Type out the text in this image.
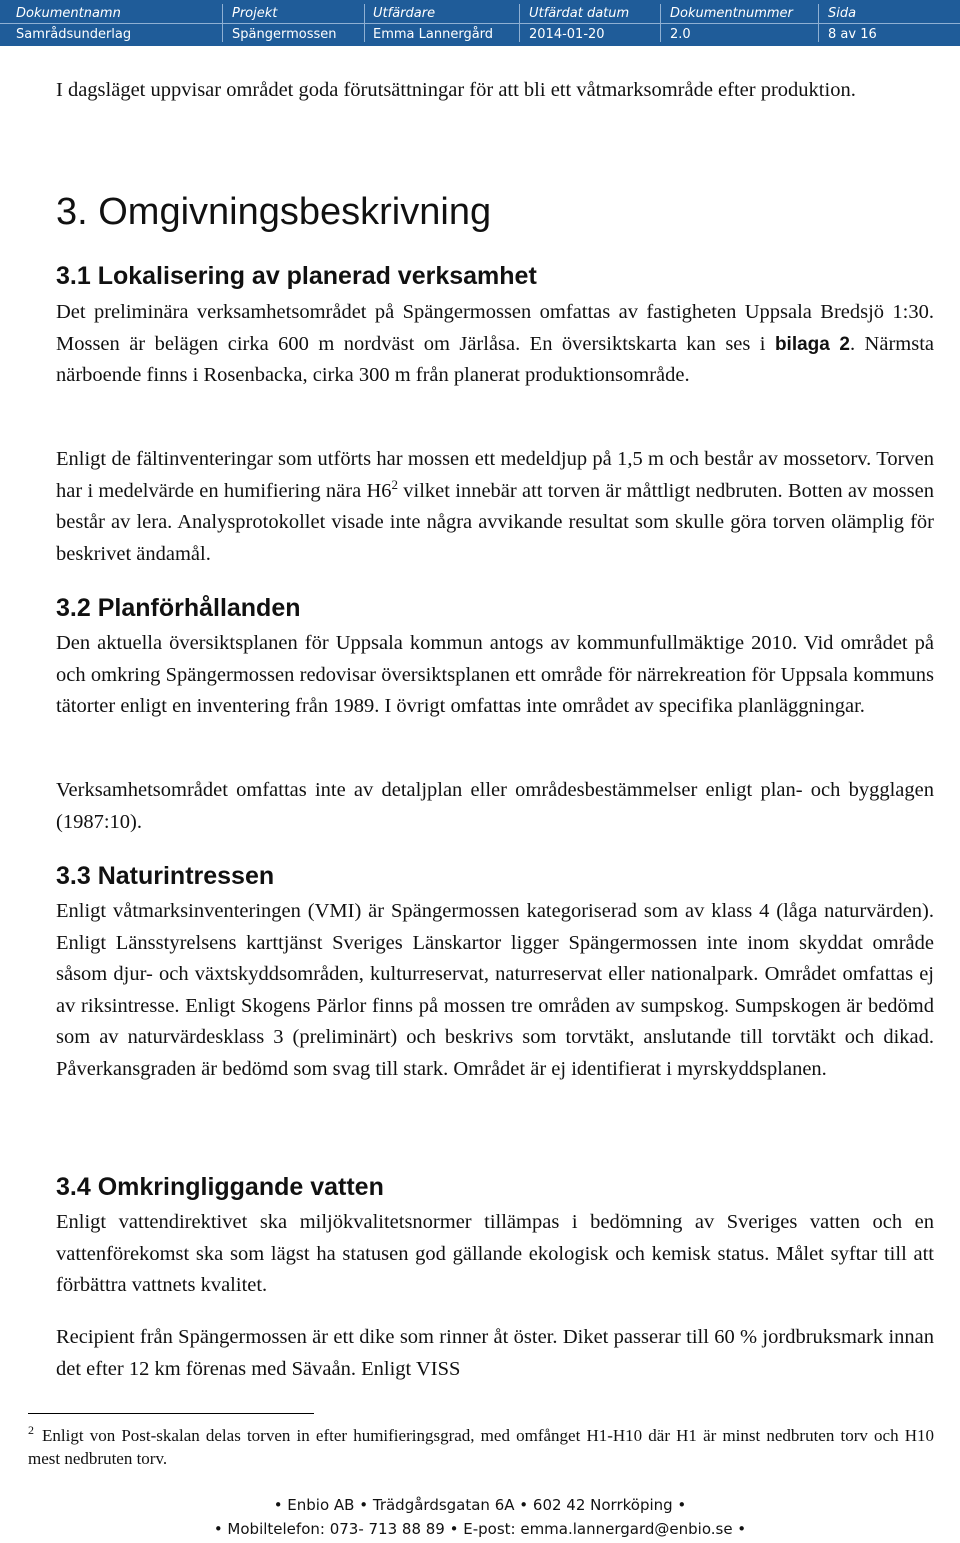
Dokumentnamn	Projekt	Utfärdare	Utfärdat datum	Dokumentnummer	Sida
Samrådsunderlag	Spängermossen	Emma Lannergård	2014-01-20	2.0	8 av 16

I dagsläget uppvisar området goda förutsättningar för att bli ett våtmarksområde efter produktion.

3. Omgivningsbeskrivning
3.1 Lokalisering av planerad verksamhet

Det preliminära verksamhetsområdet på Spängermossen omfattas av fastigheten Uppsala Bredsjö 1:30. Mossen är belägen cirka 600 m nordväst om Järlåsa. En översiktskarta kan ses i bilaga 2. Närmsta närboende finns i Rosenbacka, cirka 300 m från planerat produktionsområde.

Enligt de fältinventeringar som utförts har mossen ett medeldjup på 1,5 m och består av mossetorv. Torven har i medelvärde en humifiering nära $H6^2$ vilket innebär att torven är måttligt nedbruten. Botten av mossen består av lera. Analysprotokollet visade inte några avvikande resultat som skulle göra torven olämplig för beskrivet ändamål.

3.2 Planförhållanden

Den aktuella översiktsplanen för Uppsala kommun antogs av kommunfullmäktige 2010. Vid området på och omkring Spängermossen redovisar översiktsplanen ett område för närrekreation för Uppsala kommuns tätorter enligt en inventering från 1989. I övrigt omfattas inte området av specifika planläggningar.

Verksamhetsområdet omfattas inte av detaljplan eller områdesbestämmelser enligt plan- och bygglagen (1987:10).

3.3 Naturintressen

Enligt våtmarksinventeringen (VMI) är Spängermossen kategoriserad som av klass 4 (låga naturvärden). Enligt Länsstyrelsens karttjänst Sveriges Länskartor ligger Spängermossen inte inom skyddat område såsom djur- och växtskyddsområden, kulturreservat, naturreservat eller nationalpark. Området omfattas ej av riksintresse. Enligt Skogens Pärlor finns på mossen tre områden av sumpskog. Sumpskogen är bedömd som av naturvärdesklass 3 (preliminärt) och beskrivs som torvtäkt, anslutande till torvtäkt och dikad. Påverkansgraden är bedömd som svag till stark. Området är ej identifierat i myrskyddsplanen.

3.4 Omkringliggande vatten

Enligt vattendirektivet ska miljökvalitetsnormer tillämpas i bedömning av Sveriges vatten och en vattenförekomst ska som lägst ha statusen god gällande ekologisk och kemisk status. Målet syftar till att förbättra vattnets kvalitet.

Recipient från Spängermossen är ett dike som rinner åt öster. Diket passerar till 60 % jordbruksmark innan det efter 12 km förenas med Sävaån. Enligt VISS

$^2$ Enligt von Post-skalan delas torven in efter humifieringsgrad, med omfånget H1-H10 där H1 är minst nedbruten torv och H10 mest nedbruten torv.

• Enbio AB • Trädgårdsgatan 6A • 602 42 Norrköping •
• Mobiltelefon: 073- 713 88 89 • E-post: emma.lannergard@enbio.se •
